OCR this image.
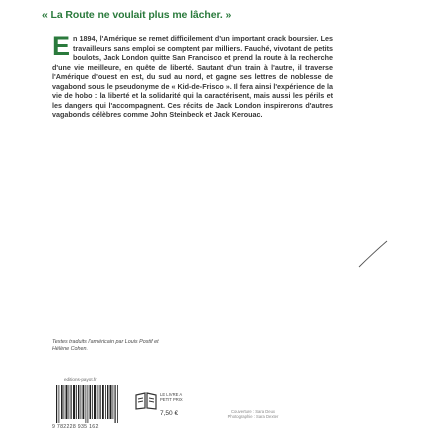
« La Route ne voulait plus me lâcher. »
E n 1894, l'Amérique se remet difficilement d'un important crack boursier. Les travailleurs sans emploi se comptent par milliers. Fauché, vivotant de petits boulots, Jack London quitte San Francisco et prend la route à la recherche d'une vie meilleure, en quête de liberté. Sautant d'un train à l'autre, il traverse l'Amérique d'ouest en est, du sud au nord, et gagne ses lettres de noblesse de vagabond sous le pseudonyme de « Kid-de-Frisco ». Il fera ainsi l'expérience de la vie de hobo : la liberté et la solidarité qui la caractérisent, mais aussi les périls et les dangers qui l'accompagnent. Ces récits de Jack London inspirerons d'autres vagabonds célèbres comme John Steinbeck et Jack Kerouac.
Textes traduits l'américain par Louis Postif et Hélène Cohen.
editions-payot.fr
9 782228 935 162
LE LIVRE A
PETIT PRIX
7,50 €	Couverture : Sara Deux
Photographie : Sara Dexter
